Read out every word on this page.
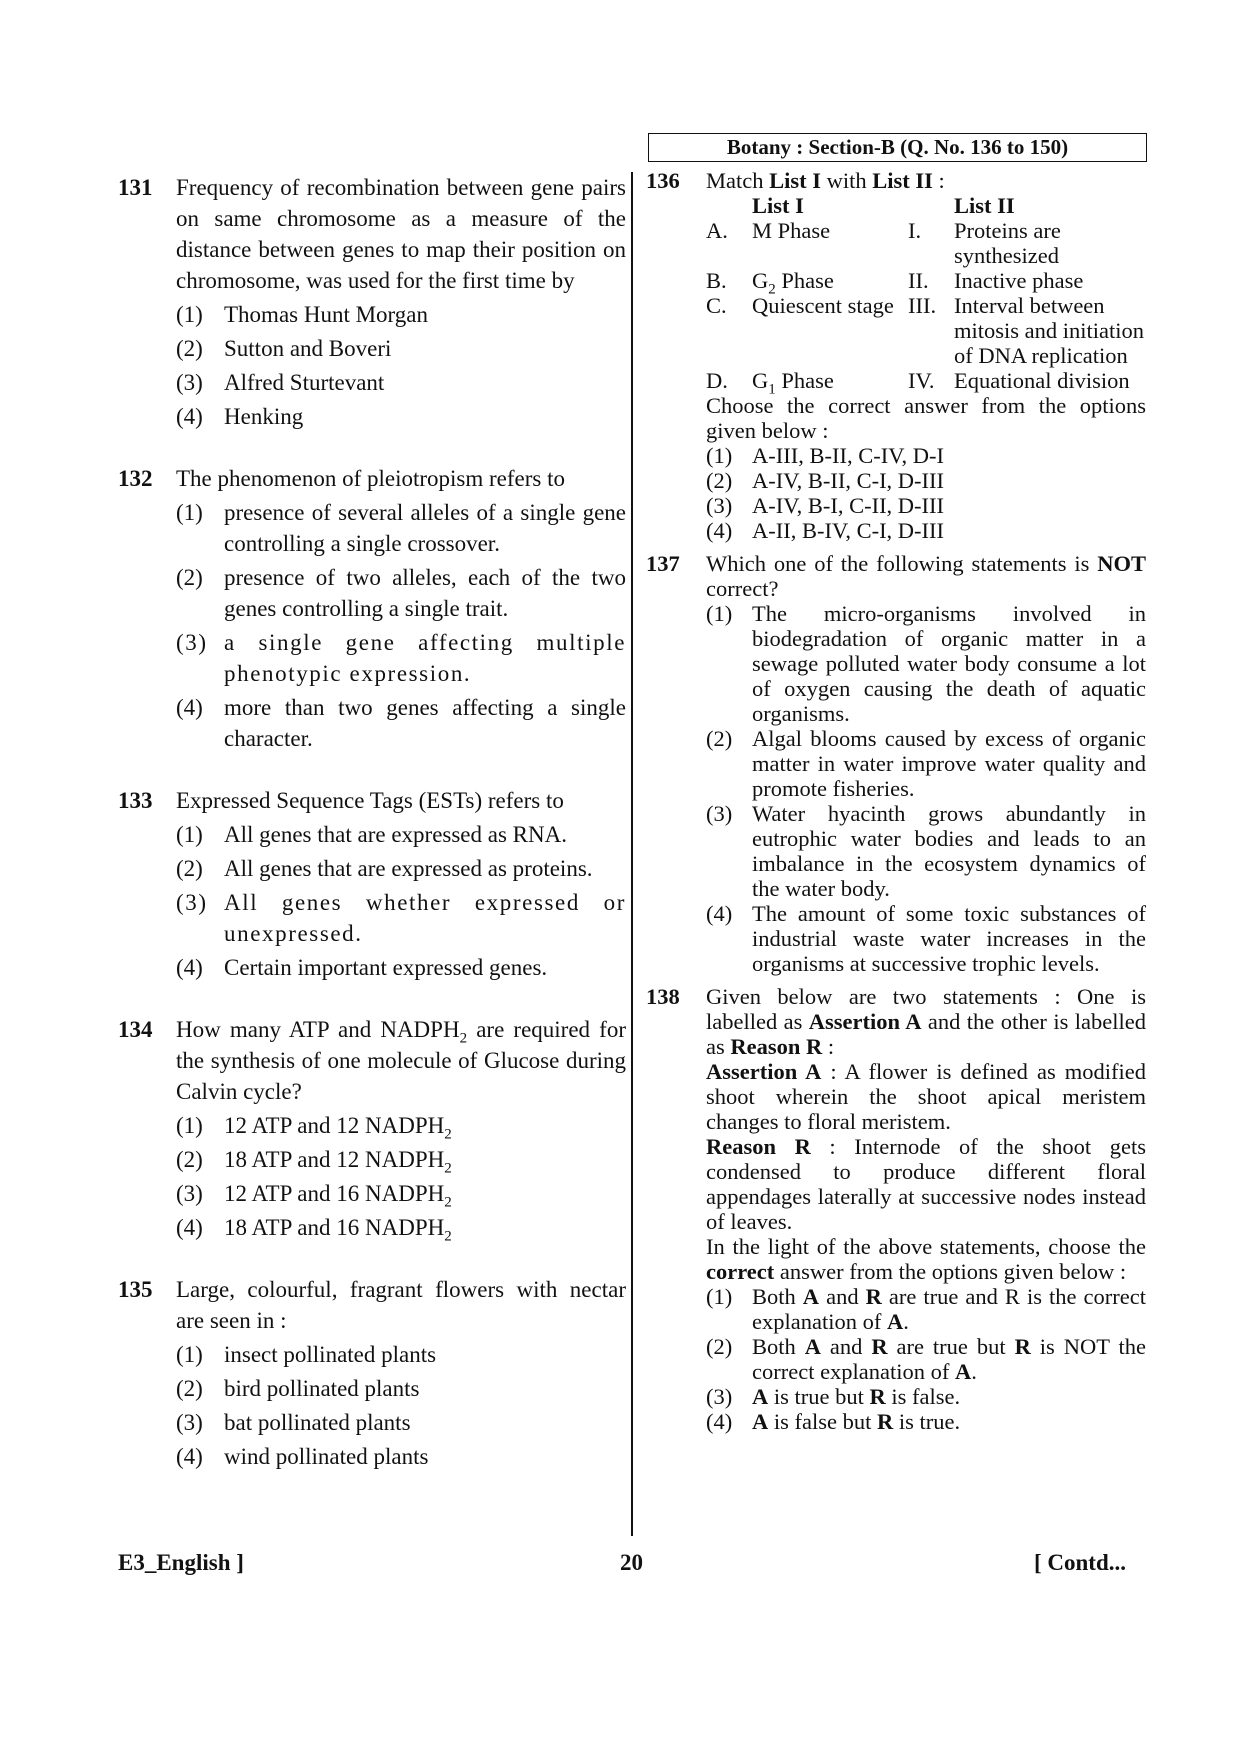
Botany : Section-B (Q. No. 136 to 150)
131 Frequency of recombination between gene pairs on same chromosome as a measure of the distance between genes to map their position on chromosome, was used for the first time by
(1) Thomas Hunt Morgan
(2) Sutton and Boveri
(3) Alfred Sturtevant
(4) Henking
132 The phenomenon of pleiotropism refers to
(1) presence of several alleles of a single gene controlling a single crossover.
(2) presence of two alleles, each of the two genes controlling a single trait.
(3) a single gene affecting multiple phenotypic expression.
(4) more than two genes affecting a single character.
133 Expressed Sequence Tags (ESTs) refers to
(1) All genes that are expressed as RNA.
(2) All genes that are expressed as proteins.
(3) All genes whether expressed or unexpressed.
(4) Certain important expressed genes.
134 How many ATP and $NADPH_2$ are required for the synthesis of one molecule of Glucose during Calvin cycle?
(1) 12 ATP and 12 $NADPH_2$
(2) 18 ATP and 12 $NADPH_2$
(3) 12 ATP and 16 $NADPH_2$
(4) 18 ATP and 16 $NADPH_2$
135 Large, colourful, fragrant flowers with nectar are seen in :
(1) insect pollinated plants
(2) bird pollinated plants
(3) bat pollinated plants
(4) wind pollinated plants
136 Match List I with List II :
	List I		List II
A.	M Phase	I.	Proteins are synthesized
B.	$G_2$ Phase	II.	Inactive phase
C.	Quiescent stage	III.	Interval between mitosis and initiation of DNA replication
D.	$G_1$ Phase	IV.	Equational division
Choose the correct answer from the options given below :
(1) A-III, B-II, C-IV, D-I
(2) A-IV, B-II, C-I, D-III
(3) A-IV, B-I, C-II, D-III
(4) A-II, B-IV, C-I, D-III
137 Which one of the following statements is NOT correct?
(1) The micro-organisms involved in biodegradation of organic matter in a sewage polluted water body consume a lot of oxygen causing the death of aquatic organisms.
(2) Algal blooms caused by excess of organic matter in water improve water quality and promote fisheries.
(3) Water hyacinth grows abundantly in eutrophic water bodies and leads to an imbalance in the ecosystem dynamics of the water body.
(4) The amount of some toxic substances of industrial waste water increases in the organisms at successive trophic levels.
138 Given below are two statements : One is labelled as Assertion A and the other is labelled as Reason R :
Assertion A : A flower is defined as modified shoot wherein the shoot apical meristem changes to floral meristem.
Reason R : Internode of the shoot gets condensed to produce different floral appendages laterally at successive nodes instead of leaves.
In the light of the above statements, choose the correct answer from the options given below :
(1) Both A and R are true and R is the correct explanation of A.
(2) Both A and R are true but R is NOT the correct explanation of A.
(3) A is true but R is false.
(4) A is false but R is true.
E3_English ]	20	[ Contd...
